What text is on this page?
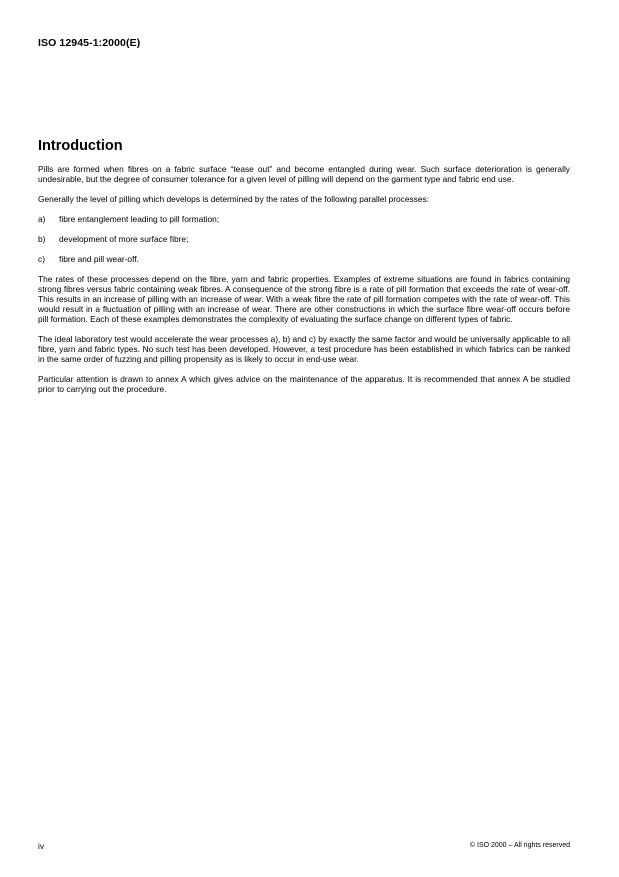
ISO 12945-1:2000(E)
Introduction

Pills are formed when fibres on a fabric surface “tease out” and become entangled during wear. Such surface deterioration is generally undesirable, but the degree of consumer tolerance for a given level of pilling will depend on the garment type and fabric end use.

Generally the level of pilling which develops is determined by the rates of the following parallel processes:

a)	fibre entanglement leading to pill formation;
b)	development of more surface fibre;
c)	fibre and pill wear-off.

The rates of these processes depend on the fibre, yarn and fabric properties. Examples of extreme situations are found in fabrics containing strong fibres versus fabric containing weak fibres. A consequence of the strong fibre is a rate of pill formation that exceeds the rate of wear-off. This results in an increase of pilling with an increase of wear. With a weak fibre the rate of pill formation competes with the rate of wear-off. This would result in a fluctuation of pilling with an increase of wear. There are other constructions in which the surface fibre wear-off occurs before pill formation. Each of these examples demonstrates the complexity of evaluating the surface change on different types of fabric.

The ideal laboratory test would accelerate the wear processes a), b) and c) by exactly the same factor and would be universally applicable to all fibre, yarn and fabric types. No such test has been developed. However, a test procedure has been established in which fabrics can be ranked in the same order of fuzzing and pilling propensity as is likely to occur in end-use wear.

Particular attention is drawn to annex A which gives advice on the maintenance of the apparatus. It is recommended that annex A be studied prior to carrying out the procedure.

iv	© ISO 2000 – All rights reserved
